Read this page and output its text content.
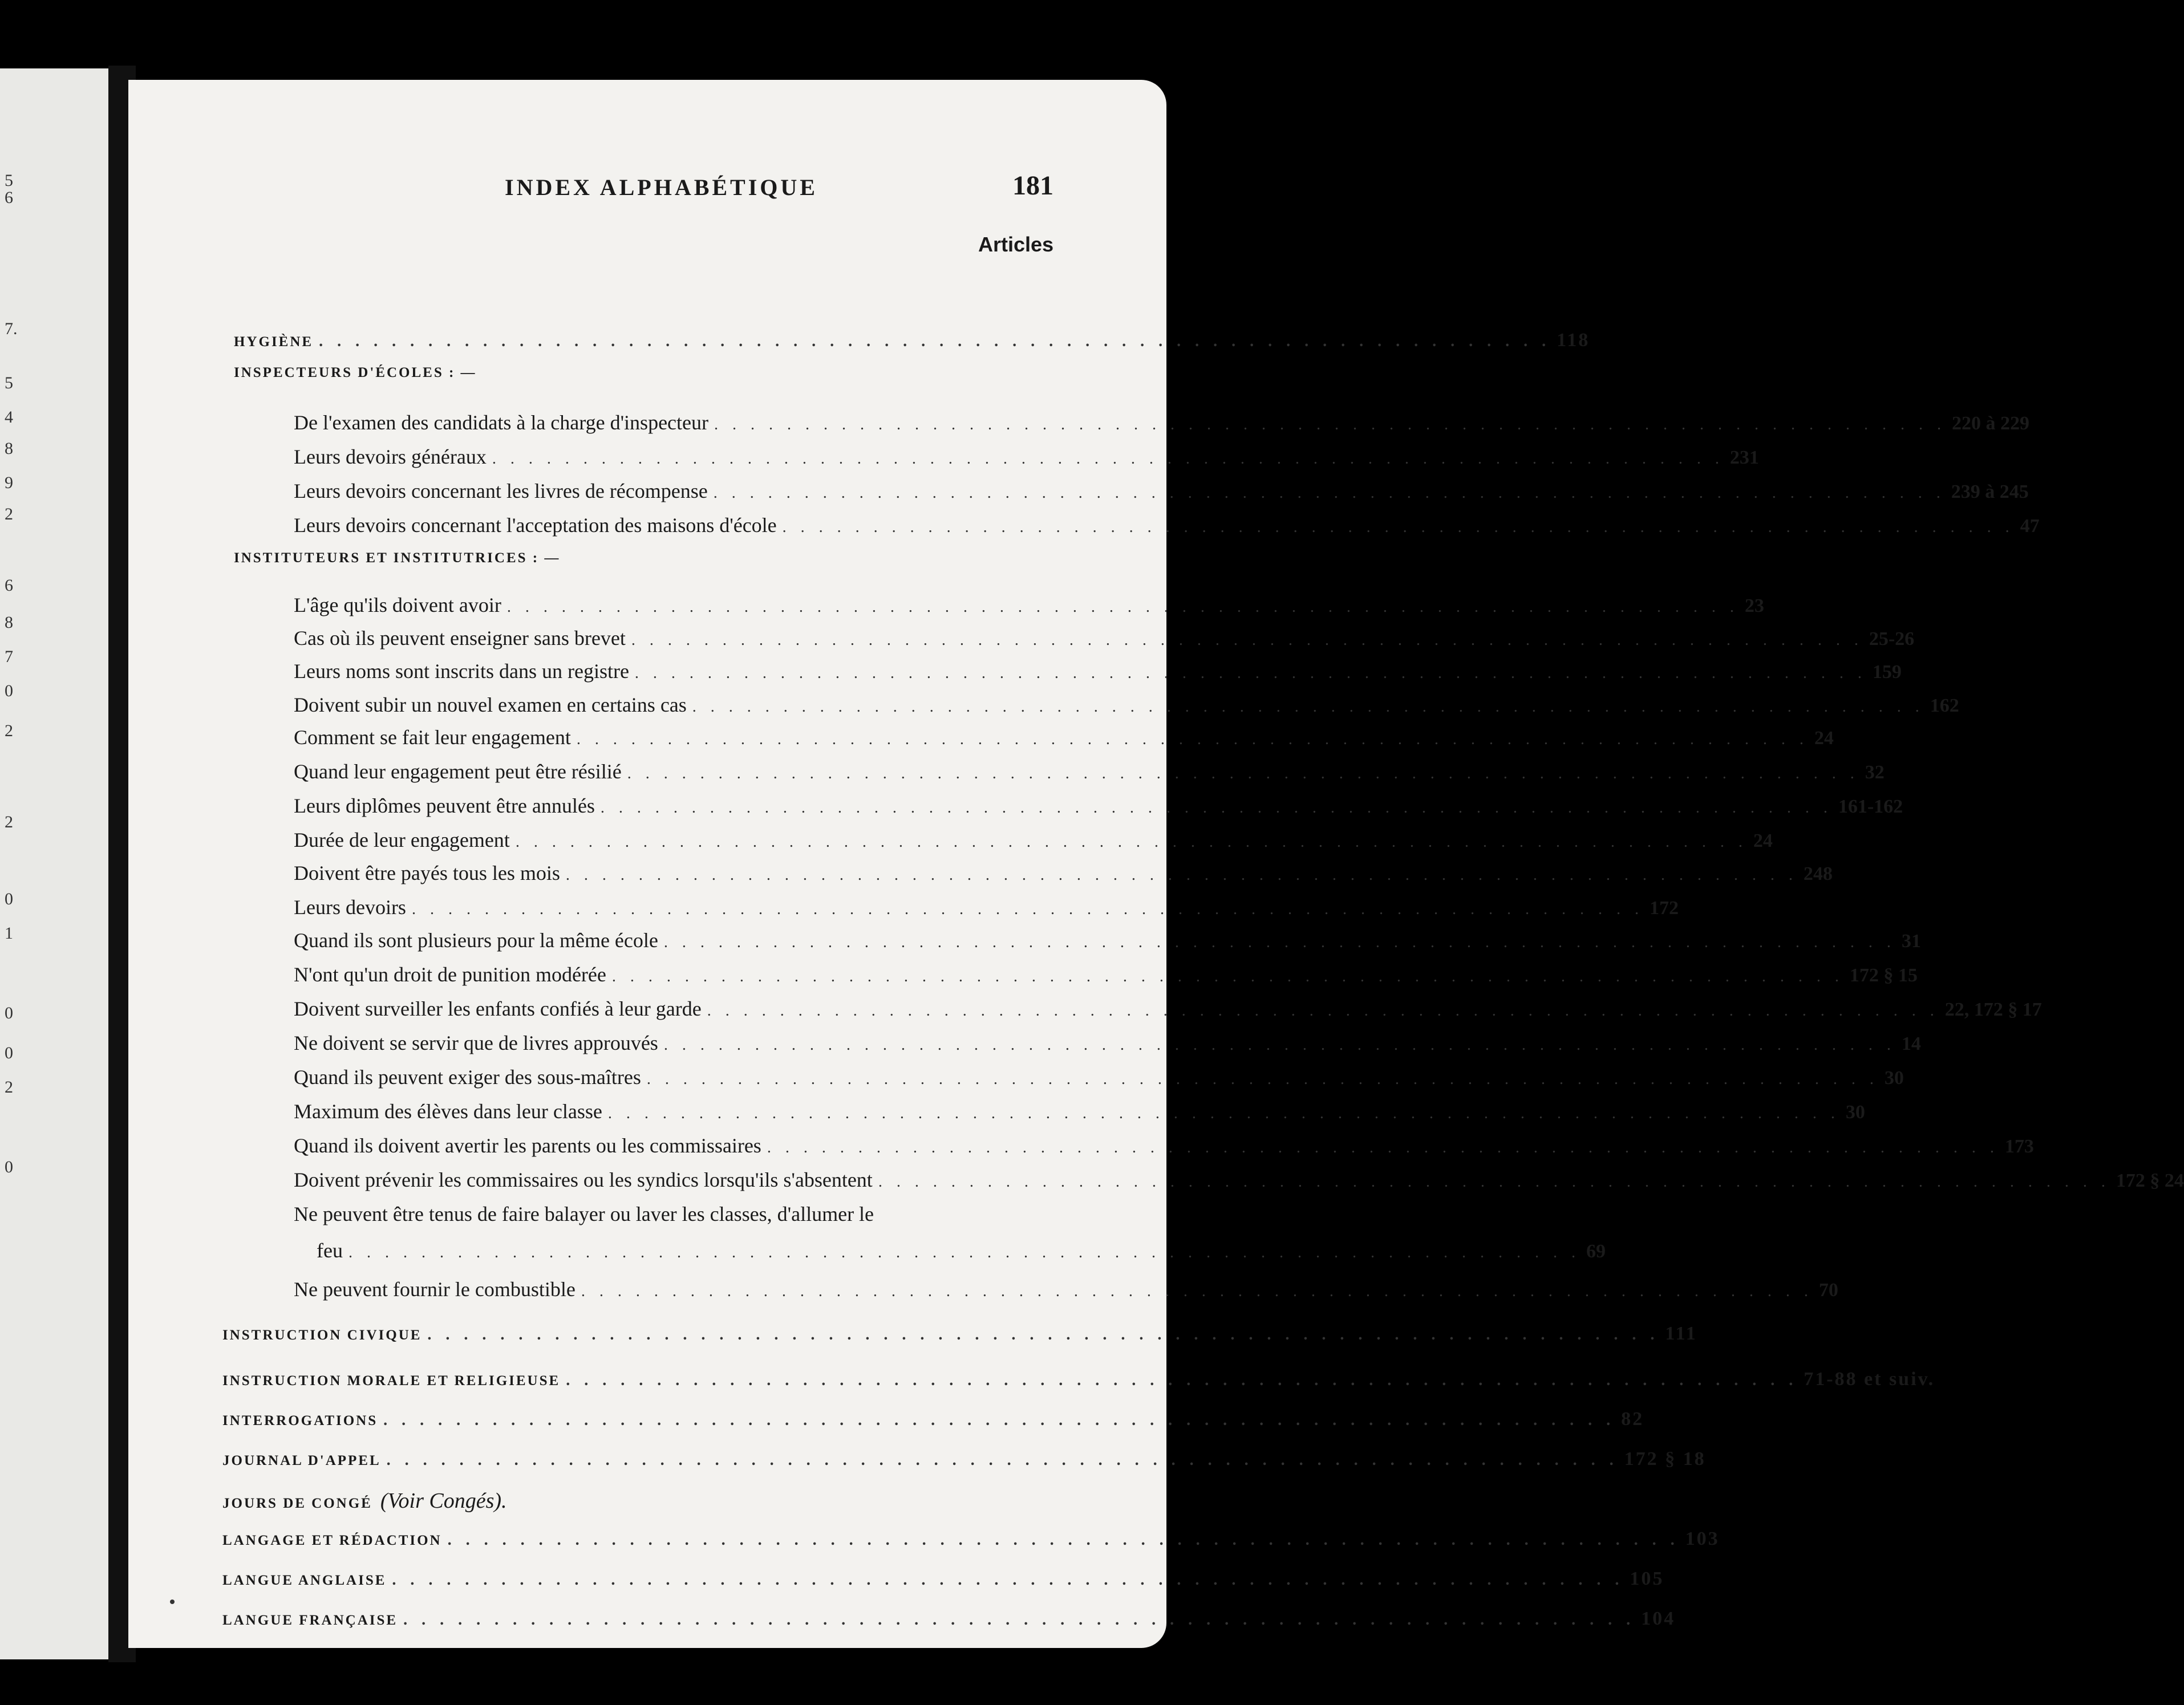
5
6
7.
5
4
8
9
2
6
8
7
0
2
2
0
1
0
0
2
0
INDEX ALPHABÉTIQUE	181
Articles
HYGIÈNE . . . . . . . . . . . . . . . . . . . . . . . . . . . . . . . . . . . . . . . . . . . . . . . . . . . . . . . . . . . . . . . . . . . . 118
INSPECTEURS D'ÉCOLES : —
De l'examen des candidats à la charge d'inspecteur . . . . . . . . . . . . . . . . . . . . . . . . . . . . . . . . . . . . . . . . . . . . . . . . . . . . . . . . . . . . . . . . . . . . 220 à 229
Leurs devoirs généraux . . . . . . . . . . . . . . . . . . . . . . . . . . . . . . . . . . . . . . . . . . . . . . . . . . . . . . . . . . . . . . . . . . . . 231
Leurs devoirs concernant les livres de récompense . . . . . . . . . . . . . . . . . . . . . . . . . . . . . . . . . . . . . . . . . . . . . . . . . . . . . . . . . . . . . . . . . . . . 239 à 245
Leurs devoirs concernant l'acceptation des maisons d'école . . . . . . . . . . . . . . . . . . . . . . . . . . . . . . . . . . . . . . . . . . . . . . . . . . . . . . . . . . . . . . . . . . . . 47
INSTITUTEURS ET INSTITUTRICES : —
L'âge qu'ils doivent avoir . . . . . . . . . . . . . . . . . . . . . . . . . . . . . . . . . . . . . . . . . . . . . . . . . . . . . . . . . . . . . . . . . . . . 23
Cas où ils peuvent enseigner sans brevet . . . . . . . . . . . . . . . . . . . . . . . . . . . . . . . . . . . . . . . . . . . . . . . . . . . . . . . . . . . . . . . . . . . . 25-26
Leurs noms sont inscrits dans un registre . . . . . . . . . . . . . . . . . . . . . . . . . . . . . . . . . . . . . . . . . . . . . . . . . . . . . . . . . . . . . . . . . . . . 159
Doivent subir un nouvel examen en certains cas . . . . . . . . . . . . . . . . . . . . . . . . . . . . . . . . . . . . . . . . . . . . . . . . . . . . . . . . . . . . . . . . . . . . 162
Comment se fait leur engagement . . . . . . . . . . . . . . . . . . . . . . . . . . . . . . . . . . . . . . . . . . . . . . . . . . . . . . . . . . . . . . . . . . . . 24
Quand leur engagement peut être résilié . . . . . . . . . . . . . . . . . . . . . . . . . . . . . . . . . . . . . . . . . . . . . . . . . . . . . . . . . . . . . . . . . . . . 32
Leurs diplômes peuvent être annulés . . . . . . . . . . . . . . . . . . . . . . . . . . . . . . . . . . . . . . . . . . . . . . . . . . . . . . . . . . . . . . . . . . . . 161-162
Durée de leur engagement . . . . . . . . . . . . . . . . . . . . . . . . . . . . . . . . . . . . . . . . . . . . . . . . . . . . . . . . . . . . . . . . . . . . 24
Doivent être payés tous les mois . . . . . . . . . . . . . . . . . . . . . . . . . . . . . . . . . . . . . . . . . . . . . . . . . . . . . . . . . . . . . . . . . . . . 248
Leurs devoirs . . . . . . . . . . . . . . . . . . . . . . . . . . . . . . . . . . . . . . . . . . . . . . . . . . . . . . . . . . . . . . . . . . . . 172
Quand ils sont plusieurs pour la même école . . . . . . . . . . . . . . . . . . . . . . . . . . . . . . . . . . . . . . . . . . . . . . . . . . . . . . . . . . . . . . . . . . . . 31
N'ont qu'un droit de punition modérée . . . . . . . . . . . . . . . . . . . . . . . . . . . . . . . . . . . . . . . . . . . . . . . . . . . . . . . . . . . . . . . . . . . . 172 § 15
Doivent surveiller les enfants confiés à leur garde . . . . . . . . . . . . . . . . . . . . . . . . . . . . . . . . . . . . . . . . . . . . . . . . . . . . . . . . . . . . . . . . . . . . 22, 172 § 17
Ne doivent se servir que de livres approuvés . . . . . . . . . . . . . . . . . . . . . . . . . . . . . . . . . . . . . . . . . . . . . . . . . . . . . . . . . . . . . . . . . . . . 14
Quand ils peuvent exiger des sous-maîtres . . . . . . . . . . . . . . . . . . . . . . . . . . . . . . . . . . . . . . . . . . . . . . . . . . . . . . . . . . . . . . . . . . . . 30
Maximum des élèves dans leur classe . . . . . . . . . . . . . . . . . . . . . . . . . . . . . . . . . . . . . . . . . . . . . . . . . . . . . . . . . . . . . . . . . . . . 30
Quand ils doivent avertir les parents ou les commissaires . . . . . . . . . . . . . . . . . . . . . . . . . . . . . . . . . . . . . . . . . . . . . . . . . . . . . . . . . . . . . . . . . . . . 173
Doivent prévenir les commissaires ou les syndics lorsqu'ils s'absentent . . . . . . . . . . . . . . . . . . . . . . . . . . . . . . . . . . . . . . . . . . . . . . . . . . . . . . . . . . . . . . . . . . . . 172 § 24
Ne peuvent être tenus de faire balayer ou laver les classes, d'allumer le
feu . . . . . . . . . . . . . . . . . . . . . . . . . . . . . . . . . . . . . . . . . . . . . . . . . . . . . . . . . . . . . . . . . . . . 69
Ne peuvent fournir le combustible . . . . . . . . . . . . . . . . . . . . . . . . . . . . . . . . . . . . . . . . . . . . . . . . . . . . . . . . . . . . . . . . . . . . 70
INSTRUCTION CIVIQUE . . . . . . . . . . . . . . . . . . . . . . . . . . . . . . . . . . . . . . . . . . . . . . . . . . . . . . . . . . . . . . . . . . . . 111
INSTRUCTION MORALE ET RELIGIEUSE . . . . . . . . . . . . . . . . . . . . . . . . . . . . . . . . . . . . . . . . . . . . . . . . . . . . . . . . . . . . . . . . . . . . 71-88 et suiv.
INTERROGATIONS . . . . . . . . . . . . . . . . . . . . . . . . . . . . . . . . . . . . . . . . . . . . . . . . . . . . . . . . . . . . . . . . . . . . 82
JOURNAL D'APPEL . . . . . . . . . . . . . . . . . . . . . . . . . . . . . . . . . . . . . . . . . . . . . . . . . . . . . . . . . . . . . . . . . . . . 172 § 18
JOURS DE CONGÉ (Voir Congés).
LANGAGE ET RÉDACTION . . . . . . . . . . . . . . . . . . . . . . . . . . . . . . . . . . . . . . . . . . . . . . . . . . . . . . . . . . . . . . . . . . . . 103
LANGUE ANGLAISE . . . . . . . . . . . . . . . . . . . . . . . . . . . . . . . . . . . . . . . . . . . . . . . . . . . . . . . . . . . . . . . . . . . . 105
LANGUE FRANÇAISE . . . . . . . . . . . . . . . . . . . . . . . . . . . . . . . . . . . . . . . . . . . . . . . . . . . . . . . . . . . . . . . . . . . . 104
